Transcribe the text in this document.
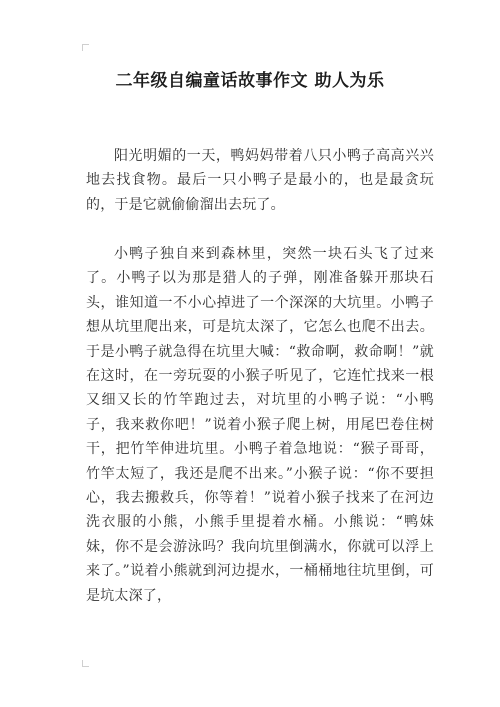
二年级自编童话故事作文 助人为乐

阳光明媚的一天，鸭妈妈带着八只小鸭子高高兴兴地去找食物。最后一只小鸭子是最小的，也是最贪玩的，于是它就偷偷溜出去玩了。

小鸭子独自来到森林里，突然一块石头飞了过来了。小鸭子以为那是猎人的子弹，刚准备躲开那块石头，谁知道一不小心掉进了一个深深的大坑里。小鸭子想从坑里爬出来，可是坑太深了，它怎么也爬不出去。于是小鸭子就急得在坑里大喊：“救命啊，救命啊！”就在这时，在一旁玩耍的小猴子听见了，它连忙找来一根又细又长的竹竿跑过去，对坑里的小鸭子说：“小鸭子，我来救你吧！”说着小猴子爬上树，用尾巴卷住树干，把竹竿伸进坑里。小鸭子着急地说：“猴子哥哥，竹竿太短了，我还是爬不出来。”小猴子说：“你不要担心，我去搬救兵，你等着！”说着小猴子找来了在河边洗衣服的小熊，小熊手里提着水桶。小熊说：“鸭妹妹，你不是会游泳吗？我向坑里倒满水，你就可以浮上来了。”说着小熊就到河边提水，一桶桶地往坑里倒，可是坑太深了，
